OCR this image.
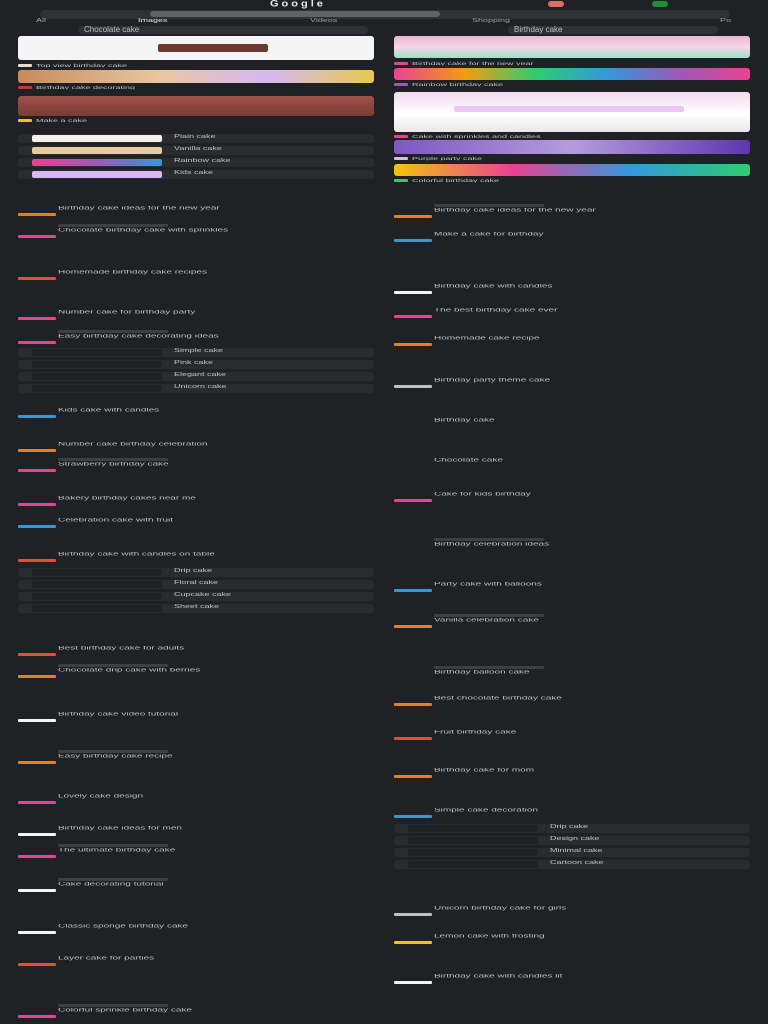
Google
All	Images	Videos	Shopping	Po
Chocolate cake	Birthday cake
Top view birthday cake
Birthday cake decorating
Make a cake
Plain cake
Vanilla cake
Rainbow cake
Kids cake
Birthday cake ideas for the new year
Chocolate birthday cake with sprinkles
Homemade birthday cake recipes
Number cake for birthday party
Easy birthday cake decorating ideas
Simple cake
Pink cake
Elegant cake
Unicorn cake
Kids cake with candles
Number cake birthday celebration
Strawberry birthday cake
Bakery birthday cakes near me
Celebration cake with fruit
Birthday cake with candles on table
Drip cake
Floral cake
Cupcake cake
Sheet cake
Best birthday cake for adults
Chocolate drip cake with berries
Birthday cake video tutorial
Easy birthday cake recipe
Lovely cake design
Birthday cake ideas for men
The ultimate birthday cake
Cake decorating tutorial
Classic sponge birthday cake
Layer cake for parties
Colorful sprinkle birthday cake
Birthday cake for the new year
Rainbow birthday cake
Cake with sprinkles and candles
Purple party cake
Colorful birthday cake
Birthday cake ideas for the new year
Make a cake for birthday
Birthday cake with candles
The best birthday cake ever
Homemade cake recipe
Birthday party theme cake
Birthday cake
Chocolate cake
Cake for kids birthday
Birthday celebration ideas
Party cake with balloons
Vanilla celebration cake
Birthday balloon cake
Best chocolate birthday cake
Fruit birthday cake
Birthday cake for mom
Simple cake decoration
Drip cake
Design cake
Minimal cake
Cartoon cake
Unicorn birthday cake for girls
Lemon cake with frosting
Birthday cake with candles lit
